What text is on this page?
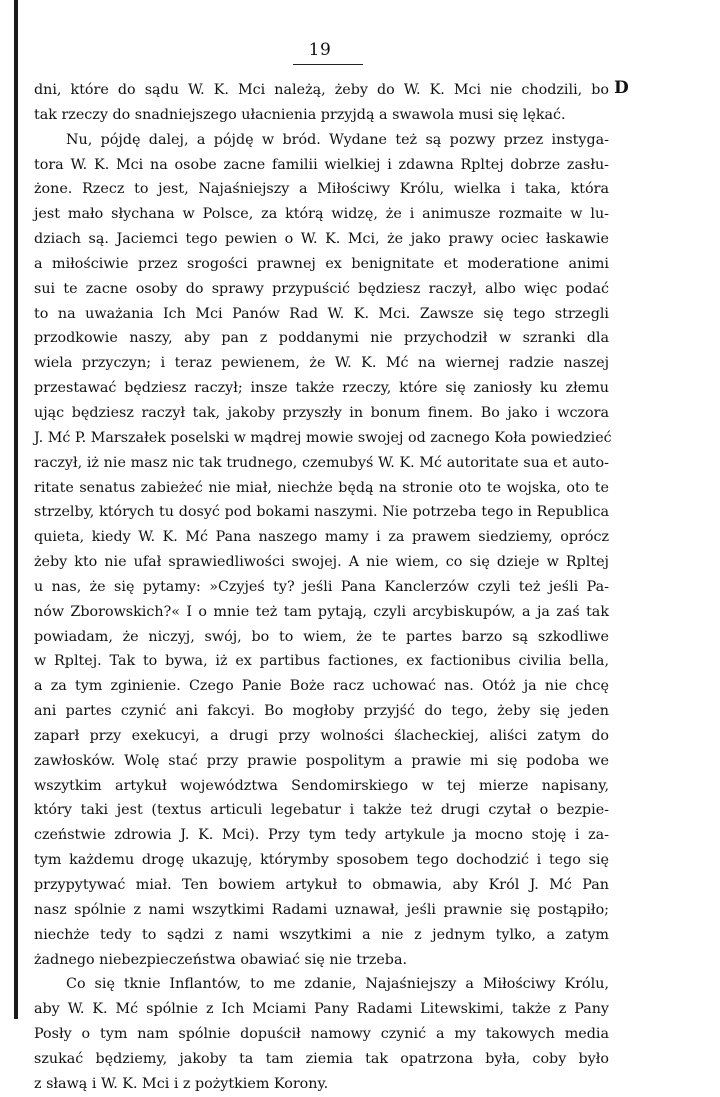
19
D
dni, które do sądu W. K. Mci należą, żeby do W. K. Mci nie chodzili, bo
tak rzeczy do snadniejszego ułacnienia przyjdą a swawola musi się lękać.
Nu, pójdę dalej, a pójdę w bród. Wydane też są pozwy przez instyga-
tora W. K. Mci na osobe zacne familii wielkiej i zdawna Rpltej dobrze zasłu-
żone. Rzecz to jest, Najaśniejszy a Miłościwy Królu, wielka i taka, która
jest mało słychana w Polsce, za którą widzę, że i animusze rozmaite w lu-
dziach są. Jaciemci tego pewien o W. K. Mci, że jako prawy ociec łaskawie
a miłościwie przez srogości prawnej ex benignitate et moderatione animi
sui te zacne osoby do sprawy przypuścić będziesz raczył, albo więc podać
to na uważania Ich Mci Panów Rad W. K. Mci. Zawsze się tego strzegli
przodkowie naszy, aby pan z poddanymi nie przychodził w szranki dla
wiela przyczyn; i teraz pewienem, że W. K. Mć na wiernej radzie naszej
przestawać będziesz raczył; insze także rzeczy, które się zaniosły ku złemu
ując będziesz raczył tak, jakoby przyszły in bonum finem. Bo jako i wczora
J. Mć P. Marszałek poselski w mądrej mowie swojej od zacnego Koła powiedzieć
raczył, iż nie masz nic tak trudnego, czemubyś W. K. Mć autoritate sua et auto-
ritate senatus zabieżeć nie miał, niechże będą na stronie oto te wojska, oto te
strzelby, których tu dosyć pod bokami naszymi. Nie potrzeba tego in Republica
quieta, kiedy W. K. Mć Pana naszego mamy i za prawem siedziemy, oprócz
żeby kto nie ufał sprawiedliwości swojej. A nie wiem, co się dzieje w Rpltej
u nas, że się pytamy: »Czyjeś ty? jeśli Pana Kanclerzów czyli też jeśli Pa-
nów Zborowskich?« I o mnie też tam pytają, czyli arcybiskupów, a ja zaś tak
powiadam, że niczyj, swój, bo to wiem, że te partes barzo są szkodliwe
w Rpltej. Tak to bywa, iż ex partibus factiones, ex factionibus civilia bella,
a za tym zginienie. Czego Panie Boże racz uchować nas. Otóż ja nie chcę
ani partes czynić ani fakcyi. Bo mogłoby przyjść do tego, żeby się jeden
zaparł przy exekucyi, a drugi przy wolności ślacheckiej, aliści zatym do
zawłosków. Wolę stać przy prawie pospolitym a prawie mi się podoba we
wszytkim artykuł województwa Sendomirskiego w tej mierze napisany,
który taki jest (textus articuli legebatur i także też drugi czytał o bezpie-
czeństwie zdrowia J. K. Mci). Przy tym tedy artykule ja mocno stoję i za-
tym każdemu drogę ukazuję, którymby sposobem tego dochodzić i tego się
przypytywać miał. Ten bowiem artykuł to obmawia, aby Król J. Mć Pan
nasz spólnie z nami wszytkimi Radami uznawał, jeśli prawnie się postąpiło;
niechże tedy to sądzi z nami wszytkimi a nie z jednym tylko, a zatym
żadnego niebezpieczeństwa obawiać się nie trzeba.
Co się tknie Inflantów, to me zdanie, Najaśniejszy a Miłościwy Królu,
aby W. K. Mć spólnie z Ich Mciami Pany Radami Litewskimi, także z Pany
Posły o tym nam spólnie dopuścił namowy czynić a my takowych media
szukać będziemy, jakoby ta tam ziemia tak opatrzona była, coby było
z sławą i W. K. Mci i z pożytkiem Korony.
